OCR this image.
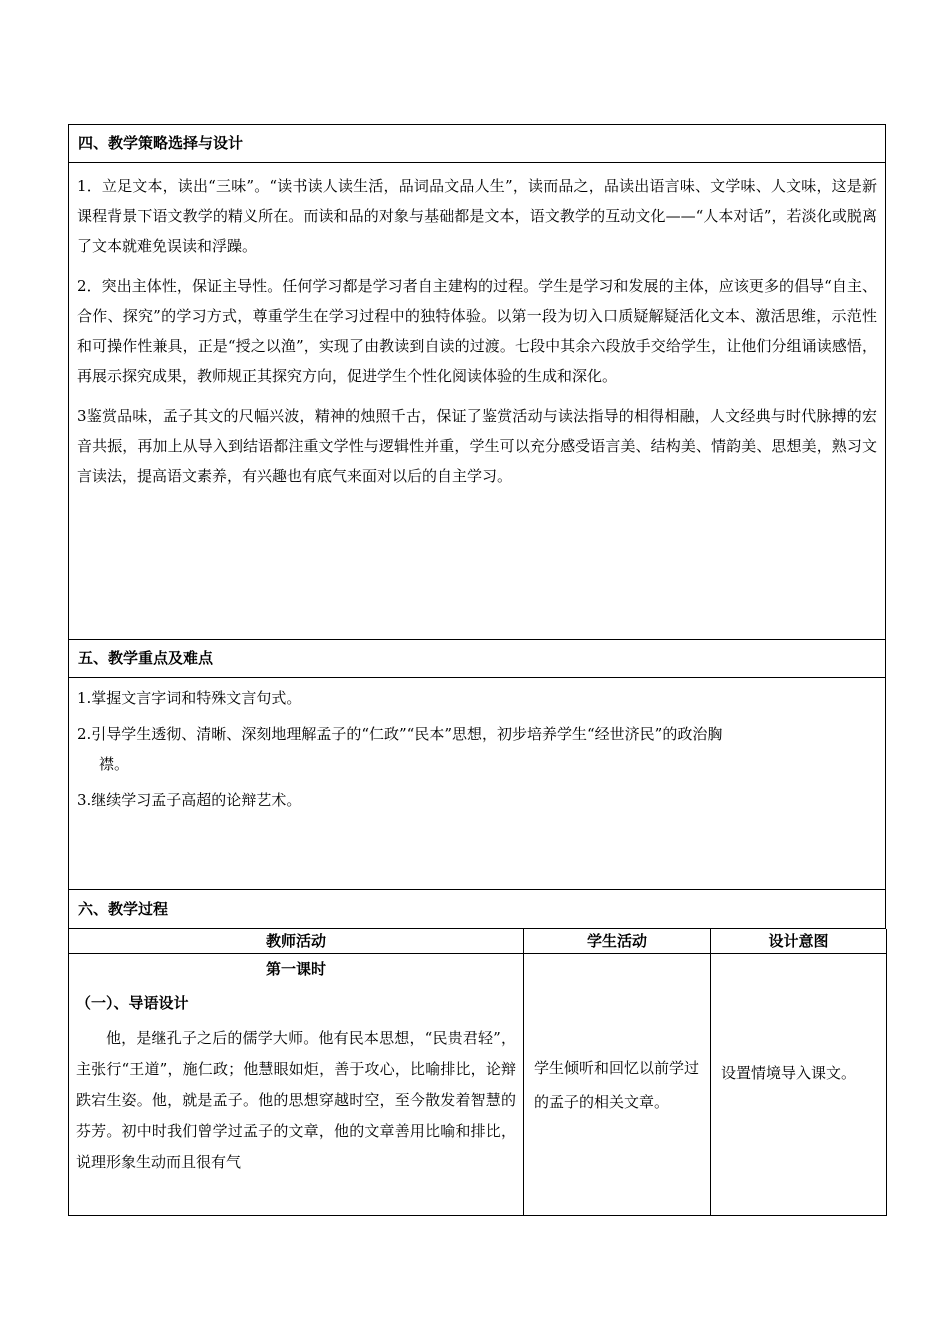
四、教学策略选择与设计

1．立足文本，读出“三味”。“读书读人读生活，品词品文品人生”，读而品之，品读出语言味、文学味、人文味，这是新课程背景下语文教学的精义所在。而读和品的对象与基础都是文本，语文教学的互动文化——“人本对话”，若淡化或脱离了文本就难免误读和浮躁。

2．突出主体性，保证主导性。任何学习都是学习者自主建构的过程。学生是学习和发展的主体，应该更多的倡导“自主、合作、探究”的学习方式，尊重学生在学习过程中的独特体验。以第一段为切入口质疑解疑活化文本、激活思维，示范性和可操作性兼具，正是“授之以渔”，实现了由教读到自读的过渡。七段中其余六段放手交给学生，让他们分组诵读感悟，再展示探究成果，教师规正其探究方向，促进学生个性化阅读体验的生成和深化。

3鉴赏品味，孟子其文的尺幅兴波，精神的烛照千古，保证了鉴赏活动与读法指导的相得相融，人文经典与时代脉搏的宏音共振，再加上从导入到结语都注重文学性与逻辑性并重，学生可以充分感受语言美、结构美、情韵美、思想美，熟习文言读法，提高语文素养，有兴趣也有底气来面对以后的自主学习。

五、教学重点及难点

1.掌握文言字词和特殊文言句式。

2.引导学生透彻、清晰、深刻地理解孟子的“仁政”“民本”思想，初步培养学生“经世济民”的政治胸

襟。

3.继续学习孟子高超的论辩艺术。

六、教学过程
教师活动	学生活动	设计意图

第一课时
（一）、导语设计

他，是继孔子之后的儒学大师。他有民本思想，“民贵君轻”，主张行“王道”，施仁政；他慧眼如炬，善于攻心，比喻排比，论辩跌宕生姿。他，就是孟子。他的思想穿越时空，至今散发着智慧的芬芳。初中时我们曾学过孟子的文章，他的文章善用比喻和排比，说理形象生动而且很有气	学生倾听和回忆以前学过的孟子的相关文章。	设置情境导入课文。
